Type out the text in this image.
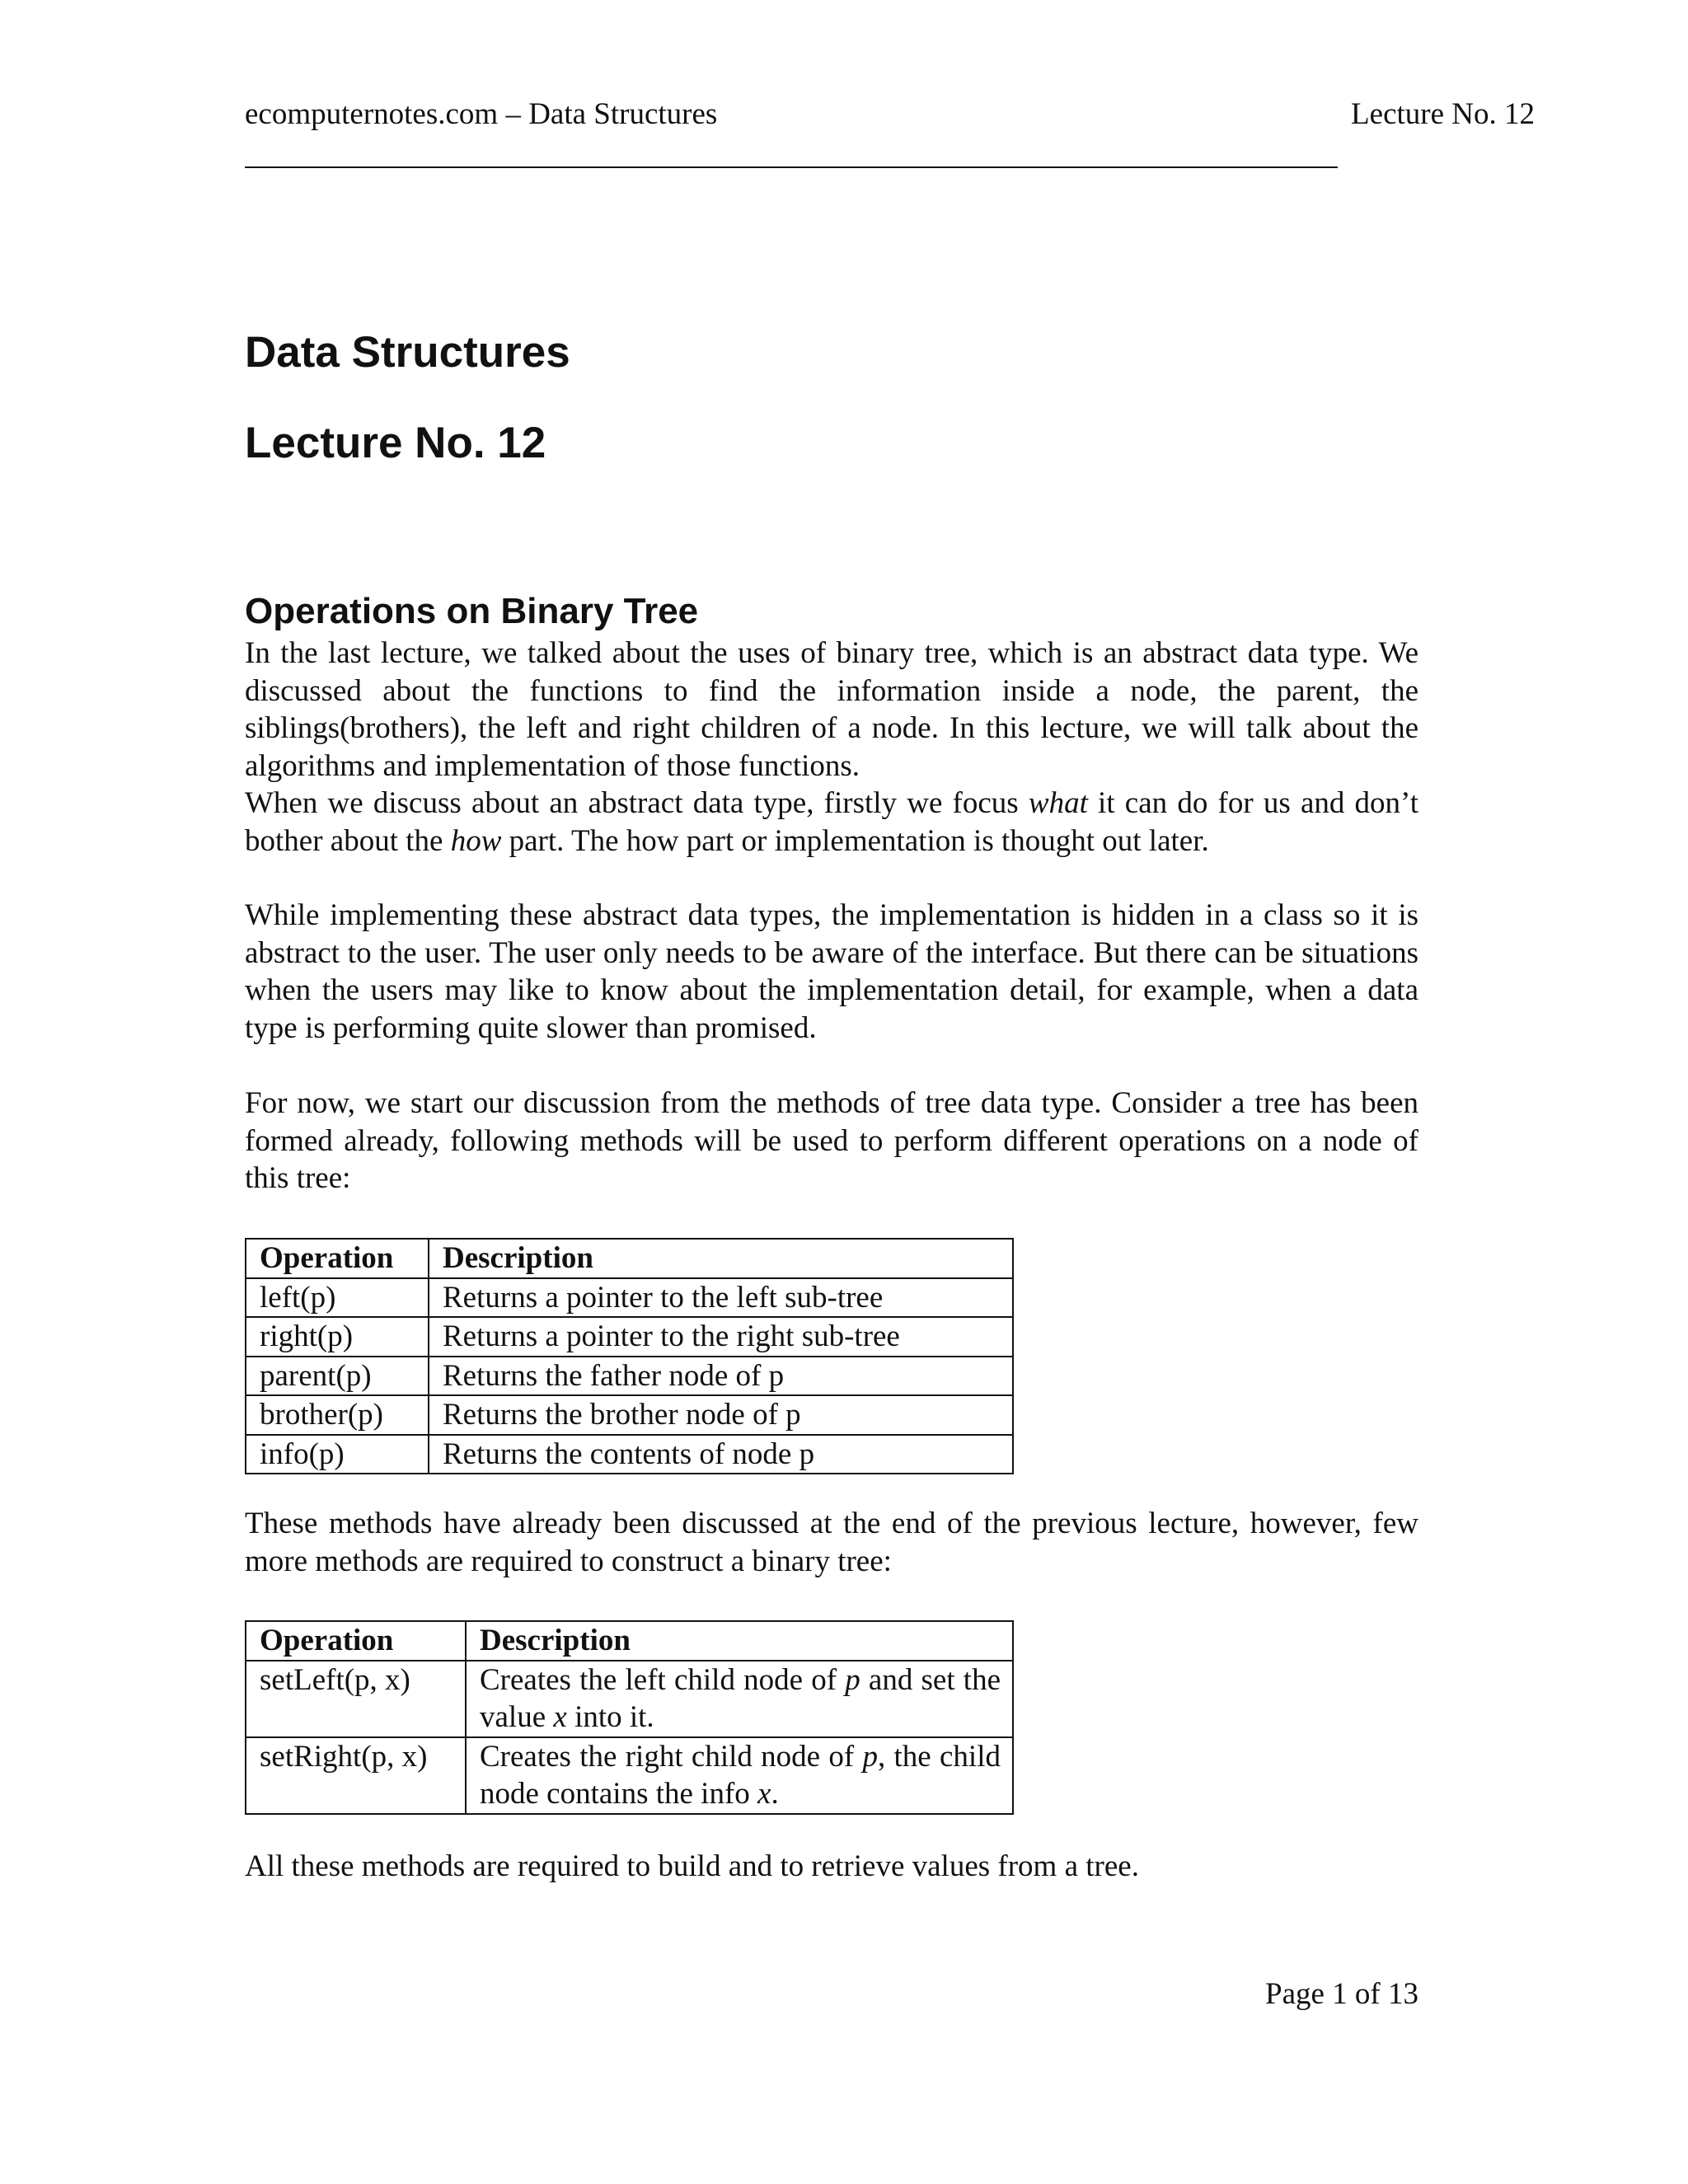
ecomputernotes.com – Data Structures	Lecture No. 12
Data Structures
Lecture No. 12
Operations on Binary Tree

In the last lecture, we talked about the uses of binary tree, which is an abstract data type. We discussed about the functions to find the information inside a node, the parent, the siblings(brothers), the left and right children of a node. In this lecture, we will talk about the algorithms and implementation of those functions.

When we discuss about an abstract data type, firstly we focus what it can do for us and don’t bother about the how part. The how part or implementation is thought out later.

While implementing these abstract data types, the implementation is hidden in a class so it is abstract to the user. The user only needs to be aware of the interface. But there can be situations when the users may like to know about the implementation detail, for example, when a data type is performing quite slower than promised.

For now, we start our discussion from the methods of tree data type. Consider a tree has been formed already, following methods will be used to perform different operations on a node of this tree:

Operation	Description
left(p)	Returns a pointer to the left sub-tree
right(p)	Returns a pointer to the right sub-tree
parent(p)	Returns the father node of p
brother(p)	Returns the brother node of p
info(p)	Returns the contents of node p

These methods have already been discussed at the end of the previous lecture, however, few more methods are required to construct a binary tree:

Operation	Description
setLeft(p, x)	Creates the left child node of p and set the value x into it.
setRight(p, x)	Creates the right child node of p, the child node contains the info x.

All these methods are required to build and to retrieve values from a tree.

Page 1 of 13
